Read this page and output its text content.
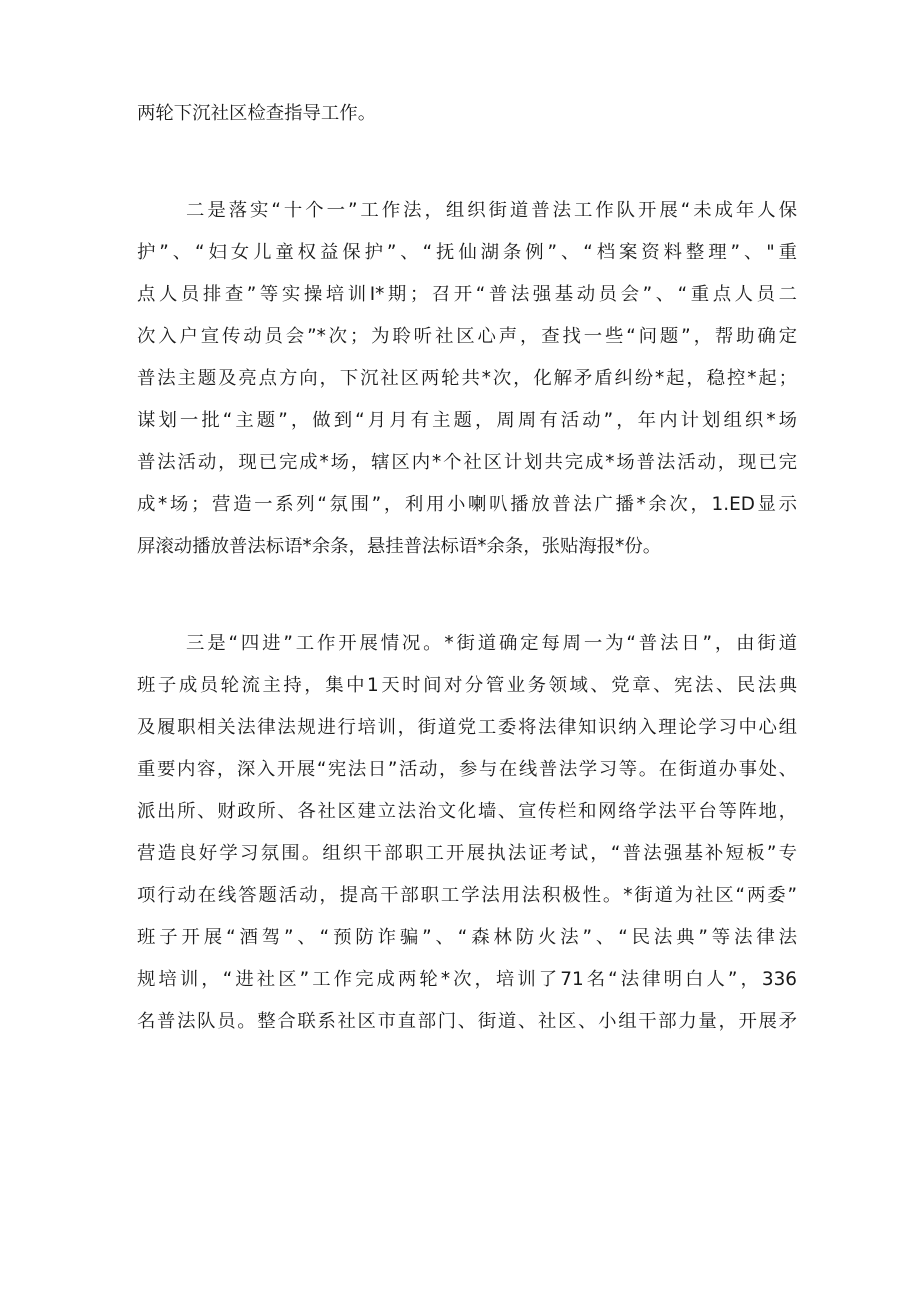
两轮下沉社区检查指导工作。
二是落实“十个一”工作法，组织街道普法工作队开展“未成年人保
护”、“妇女儿童权益保护”、“抚仙湖条例”、“档案资料整理”、"重
点人员排查”等实操培训I*期；召开“普法强基动员会”、“重点人员二
次入户宣传动员会”*次；为聆听社区心声，查找一些“问题”，帮助确定
普法主题及亮点方向，下沉社区两轮共*次，化解矛盾纠纷*起，稳控*起；
谋划一批“主题”，做到“月月有主题，周周有活动”，年内计划组织*场
普法活动，现已完成*场，辖区内*个社区计划共完成*场普法活动，现已完
成*场；营造一系列“氛围”，利用小喇叭播放普法广播*余次，1.ED显示
屏滚动播放普法标语*余条，悬挂普法标语*余条，张贴海报*份。
三是“四进”工作开展情况。*街道确定每周一为“普法日”，由街道
班子成员轮流主持，集中1天时间对分管业务领域、党章、宪法、民法典
及履职相关法律法规进行培训，街道党工委将法律知识纳入理论学习中心组
重要内容，深入开展“宪法日”活动，参与在线普法学习等。在街道办事处、
派出所、财政所、各社区建立法治文化墙、宣传栏和网络学法平台等阵地，
营造良好学习氛围。组织干部职工开展执法证考试，“普法强基补短板”专
项行动在线答题活动，提高干部职工学法用法积极性。*街道为社区“两委”
班子开展“酒驾”、“预防诈骗”、“森林防火法”、“民法典”等法律法
规培训，“进社区”工作完成两轮*次，培训了71名“法律明白人”，336
名普法队员。整合联系社区市直部门、街道、社区、小组干部力量，开展矛
